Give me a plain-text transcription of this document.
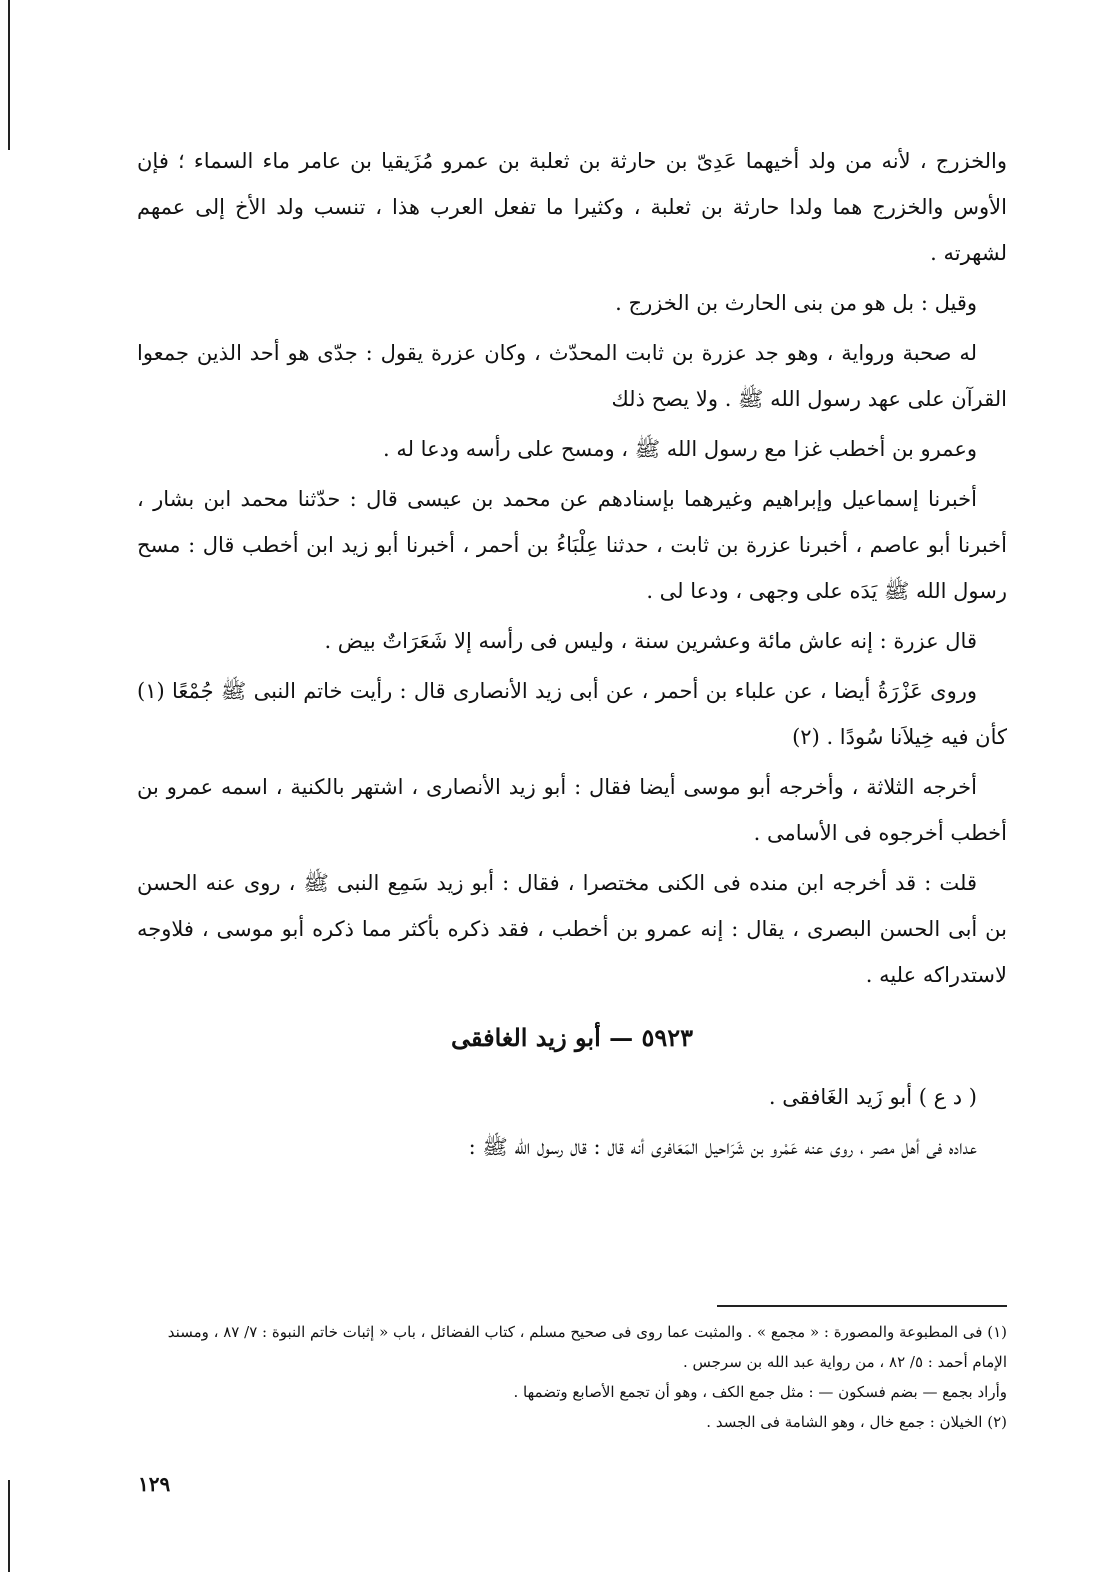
والخزرج ، لأنه من ولد أخيهما عَدِىّ بن حارثة بن ثعلبة بن عمرو مُزَيقيا بن عامر ماء السماء ؛ فإن الأوس والخزرج هما ولدا حارثة بن ثعلبة ، وكثيرا ما تفعل العرب هذا ، تنسب ولد الأخ إلى عمهم لشهرته .

وقيل : بل هو من بنى الحارث بن الخزرج .

له صحبة ورواية ، وهو جد عزرة بن ثابت المحدّث ، وكان عزرة يقول : جدّى هو أحد الذين جمعوا القرآن على عهد رسول الله ﷺ . ولا يصح ذلك

وعمرو بن أخطب غزا مع رسول الله ﷺ ، ومسح على رأسه ودعا له .

أخبرنا إسماعيل وإبراهيم وغيرهما بإسنادهم عن محمد بن عيسى قال : حدّثنا محمد ابن بشار ، أخبرنا أبو عاصم ، أخبرنا عزرة بن ثابت ، حدثنا عِلْبَاءُ بن أحمر ، أخبرنا أبو زيد ابن أخطب قال : مسح رسول الله ﷺ يَدَه على وجهى ، ودعا لى .

قال عزرة : إنه عاش مائة وعشرين سنة ، وليس فى رأسه إلا شَعَرَاتٌ بيض .

وروى عَزْرَةُ أيضا ، عن علباء بن أحمر ، عن أبى زيد الأنصارى قال : رأيت خاتم النبى ﷺ جُمْعًا (١) كأن فيه خِيلاَنا سُودًا . (٢)

أخرجه الثلاثة ، وأخرجه أبو موسى أيضا فقال : أبو زيد الأنصارى ، اشتهر بالكنية ، اسمه عمرو بن أخطب أخرجوه فى الأسامى .

قلت : قد أخرجه ابن منده فى الكنى مختصرا ، فقال : أبو زيد سَمِع النبى ﷺ ، روى عنه الحسن بن أبى الحسن البصرى ، يقال : إنه عمرو بن أخطب ، فقد ذكره بأكثر مما ذكره أبو موسى ، فلاوجه لاستدراكه عليه .

٥٩٢٣ — أبو زيد الغافقى

( د ع ) أبو زَيد الغَافقى .

عداده فى أهل مصر ، روى عنه عَمْرو بن شَرَاحيل المَعَافرى أنه قال : قال رسول الله ﷺ :

(١) فى المطبوعة والمصورة : « مجمع » . والمثبت عما روى فى صحيح مسلم ، كتاب الفضائل ، باب « إثبات خاتم النبوة : ٧/ ٨٧ ، ومسند الإمام أحمد : ٥/ ٨٢ ، من رواية عبد الله بن سرجس .

وأراد بجمع — بضم فسكون — : مثل جمع الكف ، وهو أن تجمع الأصابع وتضمها .

(٢) الخيلان : جمع خال ، وهو الشامة فى الجسد .

١٢٩
